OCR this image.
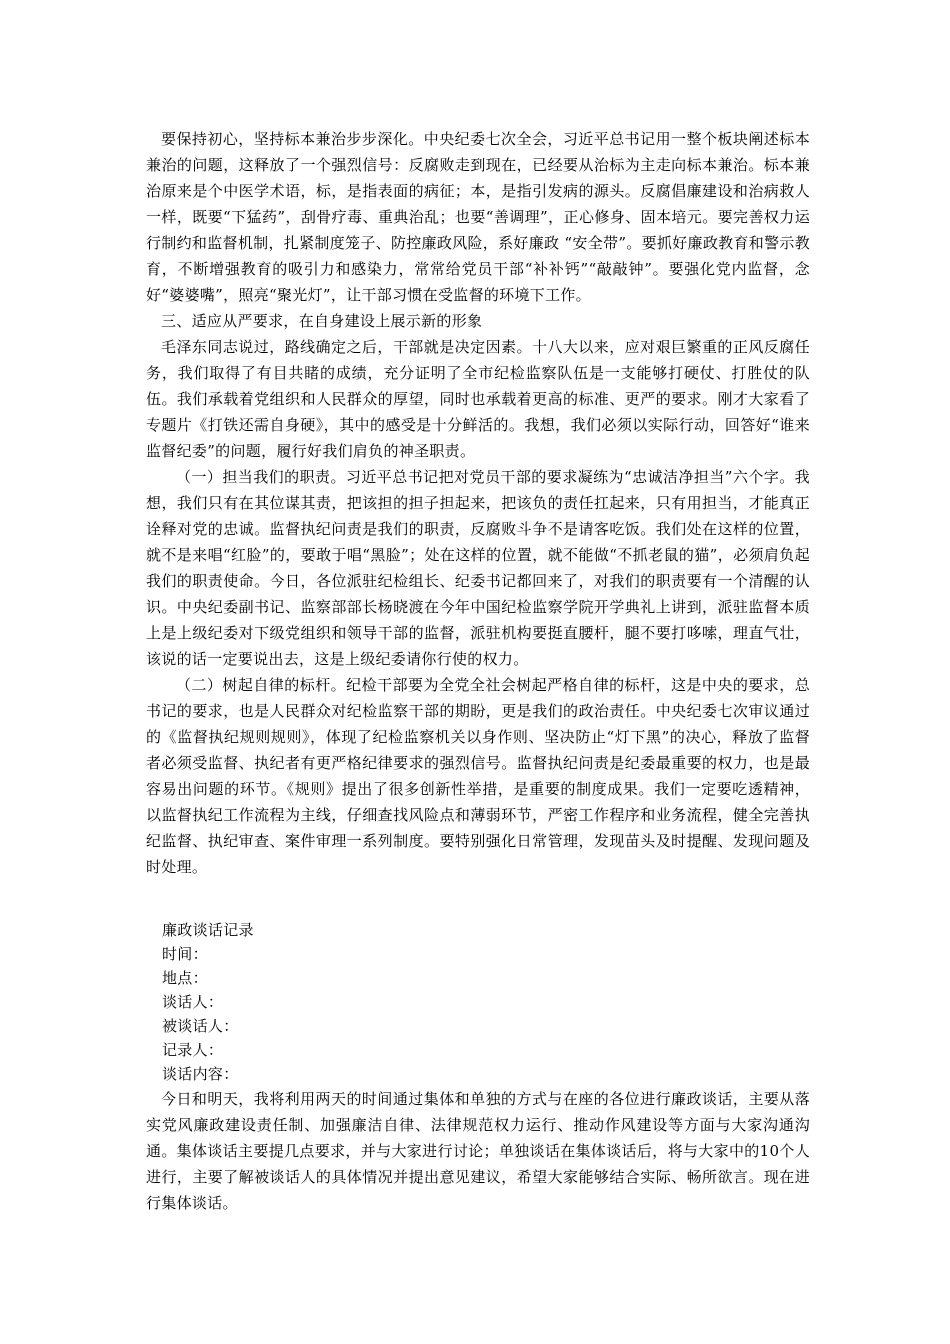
要保持初心，坚持标本兼治步步深化。中央纪委七次全会，习近平总书记用一整个板块阐述标本兼治的问题，这释放了一个强烈信号：反腐败走到现在，已经要从治标为主走向标本兼治。标本兼治原来是个中医学术语，标，是指表面的病征；本，是指引发病的源头。反腐倡廉建设和治病救人一样，既要“下猛药”，刮骨疗毒、重典治乱；也要“善调理”，正心修身、固本培元。要完善权力运行制约和监督机制，扎紧制度笼子、防控廉政风险，系好廉政 “安全带”。要抓好廉政教育和警示教育，不断增强教育的吸引力和感染力，常常给党员干部“补补钙”“敲敲钟”。要强化党内监督，念好“婆婆嘴”，照亮“聚光灯”，让干部习惯在受监督的环境下工作。

三、适应从严要求，在自身建设上展示新的形象

毛泽东同志说过，路线确定之后，干部就是决定因素。十八大以来，应对艰巨繁重的正风反腐任务，我们取得了有目共睹的成绩，充分证明了全市纪检监察队伍是一支能够打硬仗、打胜仗的队伍。我们承载着党组织和人民群众的厚望，同时也承载着更高的标准、更严的要求。刚才大家看了专题片《打铁还需自身硬》，其中的感受是十分鲜活的。我想，我们必须以实际行动，回答好“谁来监督纪委”的问题，履行好我们肩负的神圣职责。

（一）担当我们的职责。习近平总书记把对党员干部的要求凝练为“忠诚洁净担当”六个字。我想，我们只有在其位谋其责，把该担的担子担起来，把该负的责任扛起来，只有用担当，才能真正诠释对党的忠诚。监督执纪问责是我们的职责，反腐败斗争不是请客吃饭。我们处在这样的位置，就不是来唱“红脸”的，要敢于唱“黑脸”；处在这样的位置，就不能做“不抓老鼠的猫”，必须肩负起我们的职责使命。今日，各位派驻纪检组长、纪委书记都回来了，对我们的职责要有一个清醒的认识。中央纪委副书记、监察部部长杨晓渡在今年中国纪检监察学院开学典礼上讲到，派驻监督本质上是上级纪委对下级党组织和领导干部的监督，派驻机构要挺直腰杆，腿不要打哆嗦，理直气壮，该说的话一定要说出去，这是上级纪委请你行使的权力。

（二）树起自律的标杆。纪检干部要为全党全社会树起严格自律的标杆，这是中央的要求，总书记的要求，也是人民群众对纪检监察干部的期盼，更是我们的政治责任。中央纪委七次审议通过的《监督执纪规则规则》，体现了纪检监察机关以身作则、坚决防止“灯下黑”的决心，释放了监督者必须受监督、执纪者有更严格纪律要求的强烈信号。监督执纪问责是纪委最重要的权力，也是最容易出问题的环节。《规则》提出了很多创新性举措，是重要的制度成果。我们一定要吃透精神，以监督执纪工作流程为主线，仔细查找风险点和薄弱环节，严密工作程序和业务流程，健全完善执纪监督、执纪审查、案件审理一系列制度。要特别强化日常管理，发现苗头及时提醒、发现问题及时处理。

廉政谈话记录

时间：

地点：

谈话人：

被谈话人：

记录人：

谈话内容：

今日和明天，我将利用两天的时间通过集体和单独的方式与在座的各位进行廉政谈话，主要从落实党风廉政建设责任制、加强廉洁自律、法律规范权力运行、推动作风建设等方面与大家沟通沟通。集体谈话主要提几点要求，并与大家进行讨论；单独谈话在集体谈话后，将与大家中的10个人进行，主要了解被谈话人的具体情况并提出意见建议，希望大家能够结合实际、畅所欲言。现在进行集体谈话。
